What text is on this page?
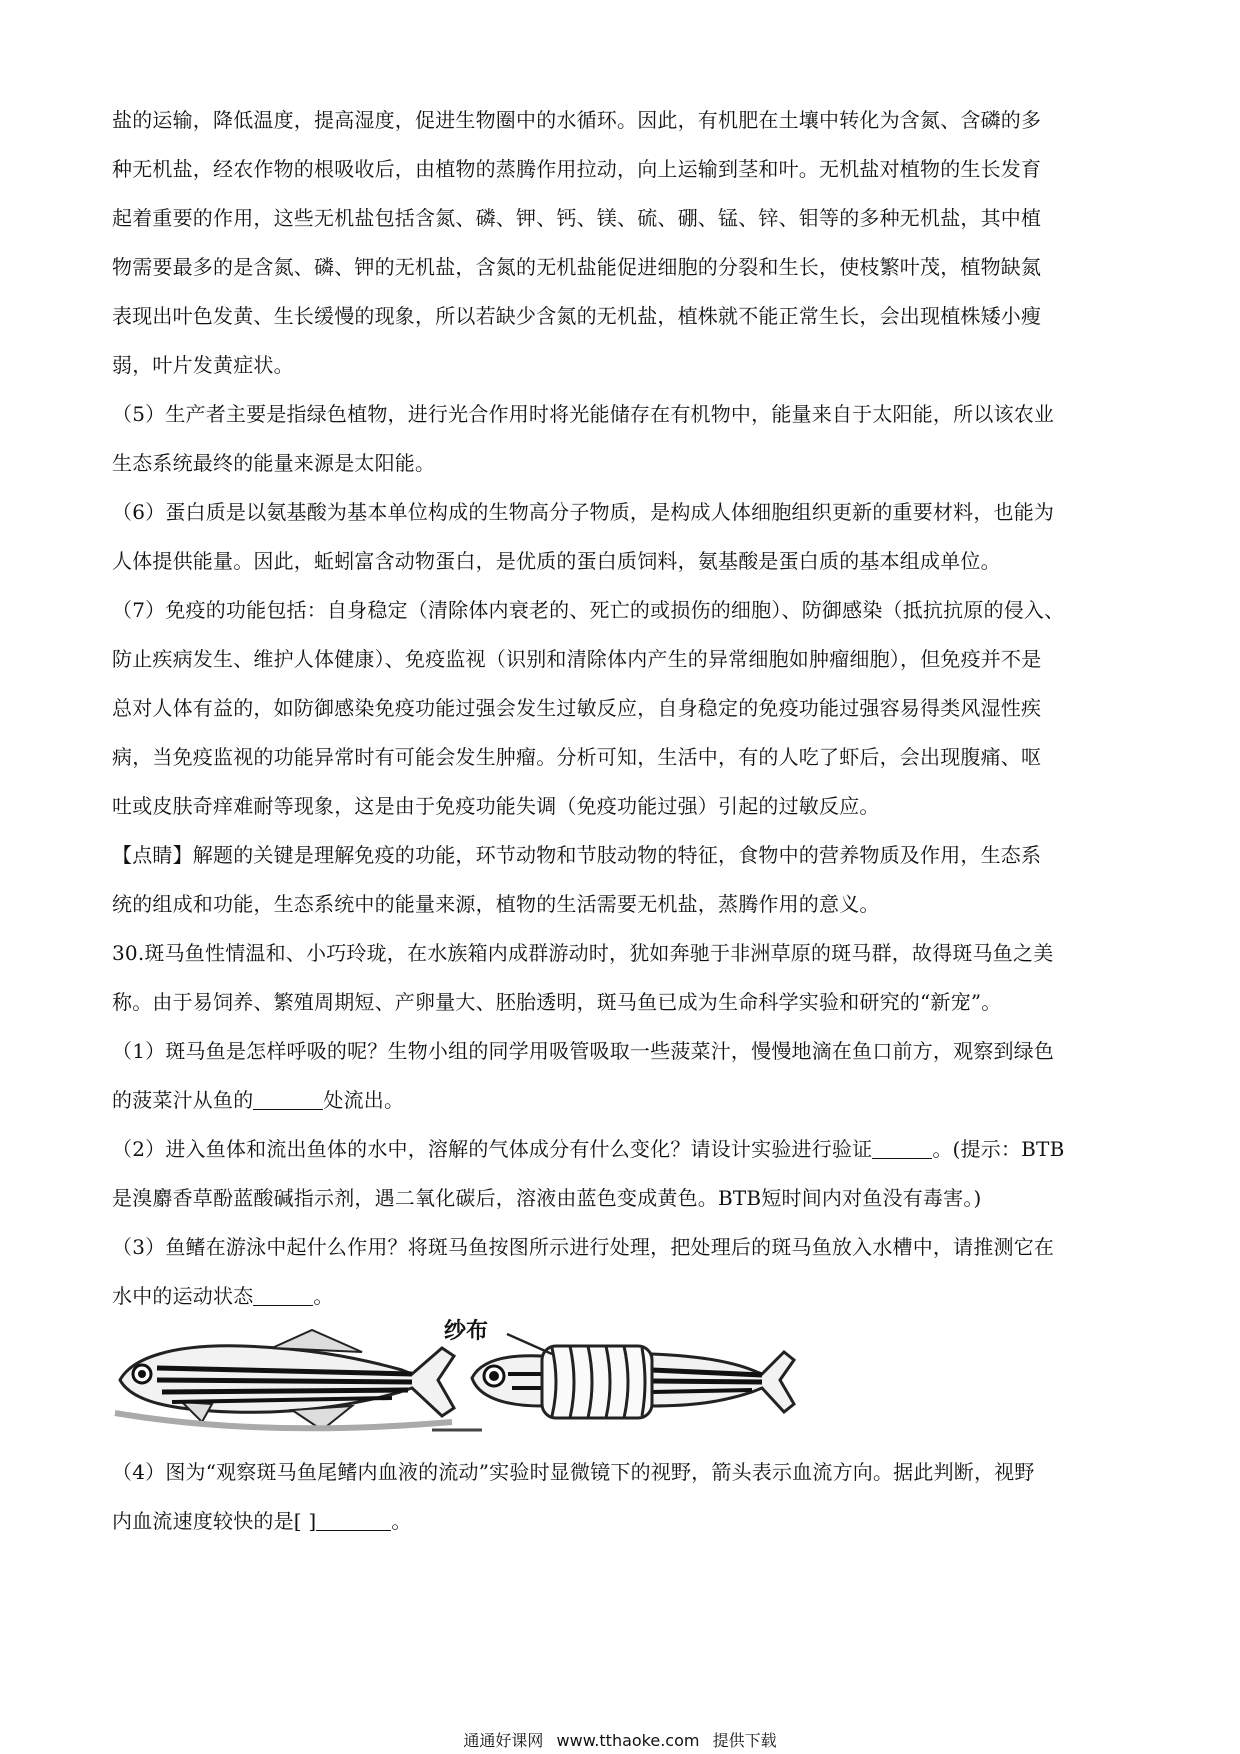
盐的运输，降低温度，提高湿度，促进生物圈中的水循环。因此，有机肥在土壤中转化为含氮、含磷的多
种无机盐，经农作物的根吸收后，由植物的蒸腾作用拉动，向上运输到茎和叶。无机盐对植物的生长发育
起着重要的作用，这些无机盐包括含氮、磷、钾、钙、镁、硫、硼、锰、锌、钼等的多种无机盐，其中植
物需要最多的是含氮、磷、钾的无机盐，含氮的无机盐能促进细胞的分裂和生长，使枝繁叶茂，植物缺氮
表现出叶色发黄、生长缓慢的现象，所以若缺少含氮的无机盐，植株就不能正常生长，会出现植株矮小瘦
弱，叶片发黄症状。

（5）生产者主要是指绿色植物，进行光合作用时将光能储存在有机物中，能量来自于太阳能，所以该农业
生态系统最终的能量来源是太阳能。

（6）蛋白质是以氨基酸为基本单位构成的生物高分子物质，是构成人体细胞组织更新的重要材料，也能为
人体提供能量。因此，蚯蚓富含动物蛋白，是优质的蛋白质饲料，氨基酸是蛋白质的基本组成单位。

（7）免疫的功能包括：自身稳定（清除体内衰老的、死亡的或损伤的细胞）、防御感染（抵抗抗原的侵入、
防止疾病发生、维护人体健康）、免疫监视（识别和清除体内产生的异常细胞如肿瘤细胞），但免疫并不是
总对人体有益的，如防御感染免疫功能过强会发生过敏反应，自身稳定的免疫功能过强容易得类风湿性疾
病，当免疫监视的功能异常时有可能会发生肿瘤。分析可知，生活中，有的人吃了虾后，会出现腹痛、呕
吐或皮肤奇痒难耐等现象，这是由于免疫功能失调（免疫功能过强）引起的过敏反应。

【点睛】解题的关键是理解免疫的功能，环节动物和节肢动物的特征，食物中的营养物质及作用，生态系
统的组成和功能，生态系统中的能量来源，植物的生活需要无机盐，蒸腾作用的意义。

30.斑马鱼性情温和、小巧玲珑，在水族箱内成群游动时，犹如奔驰于非洲草原的斑马群，故得斑马鱼之美
称。由于易饲养、繁殖周期短、产卵量大、胚胎透明，斑马鱼已成为生命科学实验和研究的“新宠”。

（1）斑马鱼是怎样呼吸的呢？生物小组的同学用吸管吸取一些菠菜汁，慢慢地滴在鱼口前方，观察到绿色
的菠菜汁从鱼的	处流出。

（2）进入鱼体和流出鱼体的水中，溶解的气体成分有什么变化？请设计实验进行验证	。(提示：BTB
是溴麝香草酚蓝酸碱指示剂，遇二氧化碳后，溶液由蓝色变成黄色。BTB短时间内对鱼没有毒害。)

（3）鱼鳍在游泳中起什么作用？将斑马鱼按图所示进行处理，把处理后的斑马鱼放入水槽中，请推测它在
水中的运动状态	。

纱布

（4）图为“观察斑马鱼尾鳍内血液的流动”实验时显微镜下的视野，箭头表示血流方向。据此判断，视野
内血流速度较快的是[ ]	。

通通好课网 www.tthaoke.com 提供下载
